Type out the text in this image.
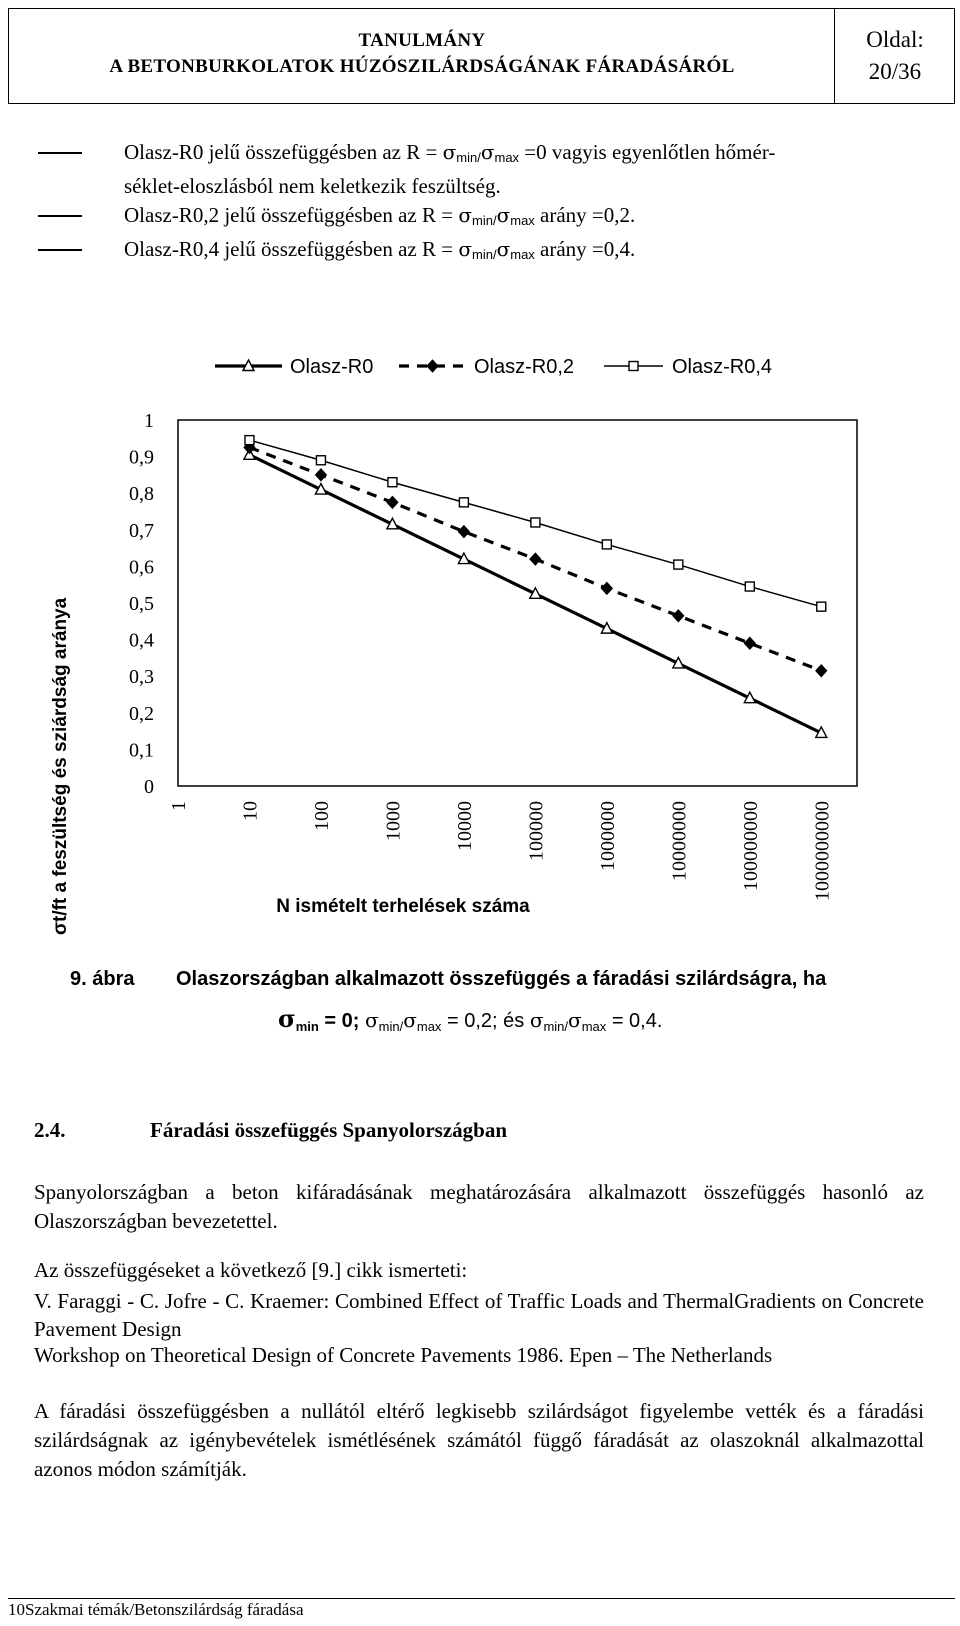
TANULMÁNY
A BETONBURKOLATOK HÚZÓSZILÁRDSÁGÁNAK FÁRADÁSÁRÓL
Oldal:
20/36
Olasz-R0 jelű összefüggésben az $R = \sigma_{min/}\sigma_{max} =0$ vagyis egyenlőtlen hőmér-
séklet-eloszlásból nem keletkezik feszültség.
Olasz-R0,2 jelű összefüggésben az $R = \sigma_{min/}\sigma_{max}$ arány =0,2.
Olasz-R0,4 jelű összefüggésben az $R = \sigma_{min/}\sigma_{max}$ arány =0,4.
1
0,9
0,8
0,7
0,6
0,5
0,4
0,3
0,2
0,1
0
1 10 100 1000 10000 100000 1000000 10000000 100000000 1000000000
N ismételt terhelések száma
Olasz-R0	Olasz-R0,2	Olasz-R0,4
σt/ft a feszültség és sziárdság aránya
9. ábra Olaszországban alkalmazott összefüggés a fáradási szilárdságra, ha
$\sigma_{min} = 0$; $\sigma_{min/}\sigma_{max} = 0,2$; és $\sigma_{min/}\sigma_{max} = 0,4$.
2.4.	Fáradási összefüggés Spanyolországban
Spanyolországban a beton kifáradásának meghatározására alkalmazott összefüggés hasonló az Olaszországban bevezetettel.
Az összefüggéseket a következő [9.] cikk ismerteti:
V. Faraggi - C. Jofre - C. Kraemer: Combined Effect of Traffic Loads and ThermalGradients on Concrete Pavement Design
Workshop on Theoretical Design of Concrete Pavements 1986. Epen – The Netherlands
A fáradási összefüggésben a nullától eltérő legkisebb szilárdságot figyelembe vették és a fáradási szilárdságnak az igénybevételek ismétlésének számától függő fáradását az olaszoknál alkalmazottal azonos módon számítják.
10Szakmai témák/Betonszilárdság fáradása
